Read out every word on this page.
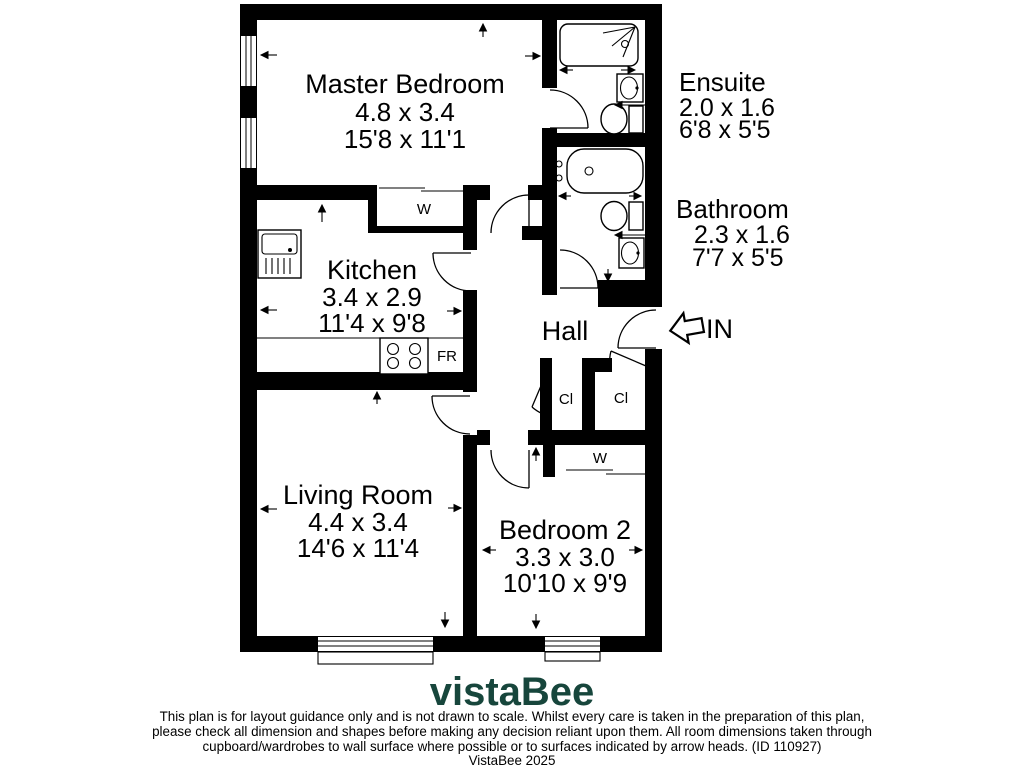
Master Bedroom
4.8 x 3.4
15'8 x 11'1
Ensuite
2.0 x 1.6
6'8 x 5'5
Bathroom
2.3 x 1.6
7'7 x 5'5
Kitchen
3.4 x 2.9
11'4 x 9'8	Hall	IN
Living Room
4.4 x 3.4
14'6 x 11'4
Bedroom 2
3.3 x 3.0
10'10 x 9'9
W
FR
Cl	Cl
W
vistaBee
This plan is for layout guidance only and is not drawn to scale. Whilst every care is taken in the preparation of this plan,
please check all dimension and shapes before making any decision reliant upon them. All room dimensions taken through
cupboard/wardrobes to wall surface where possible or to surfaces indicated by arrow heads. (ID 110927)
VistaBee 2025
